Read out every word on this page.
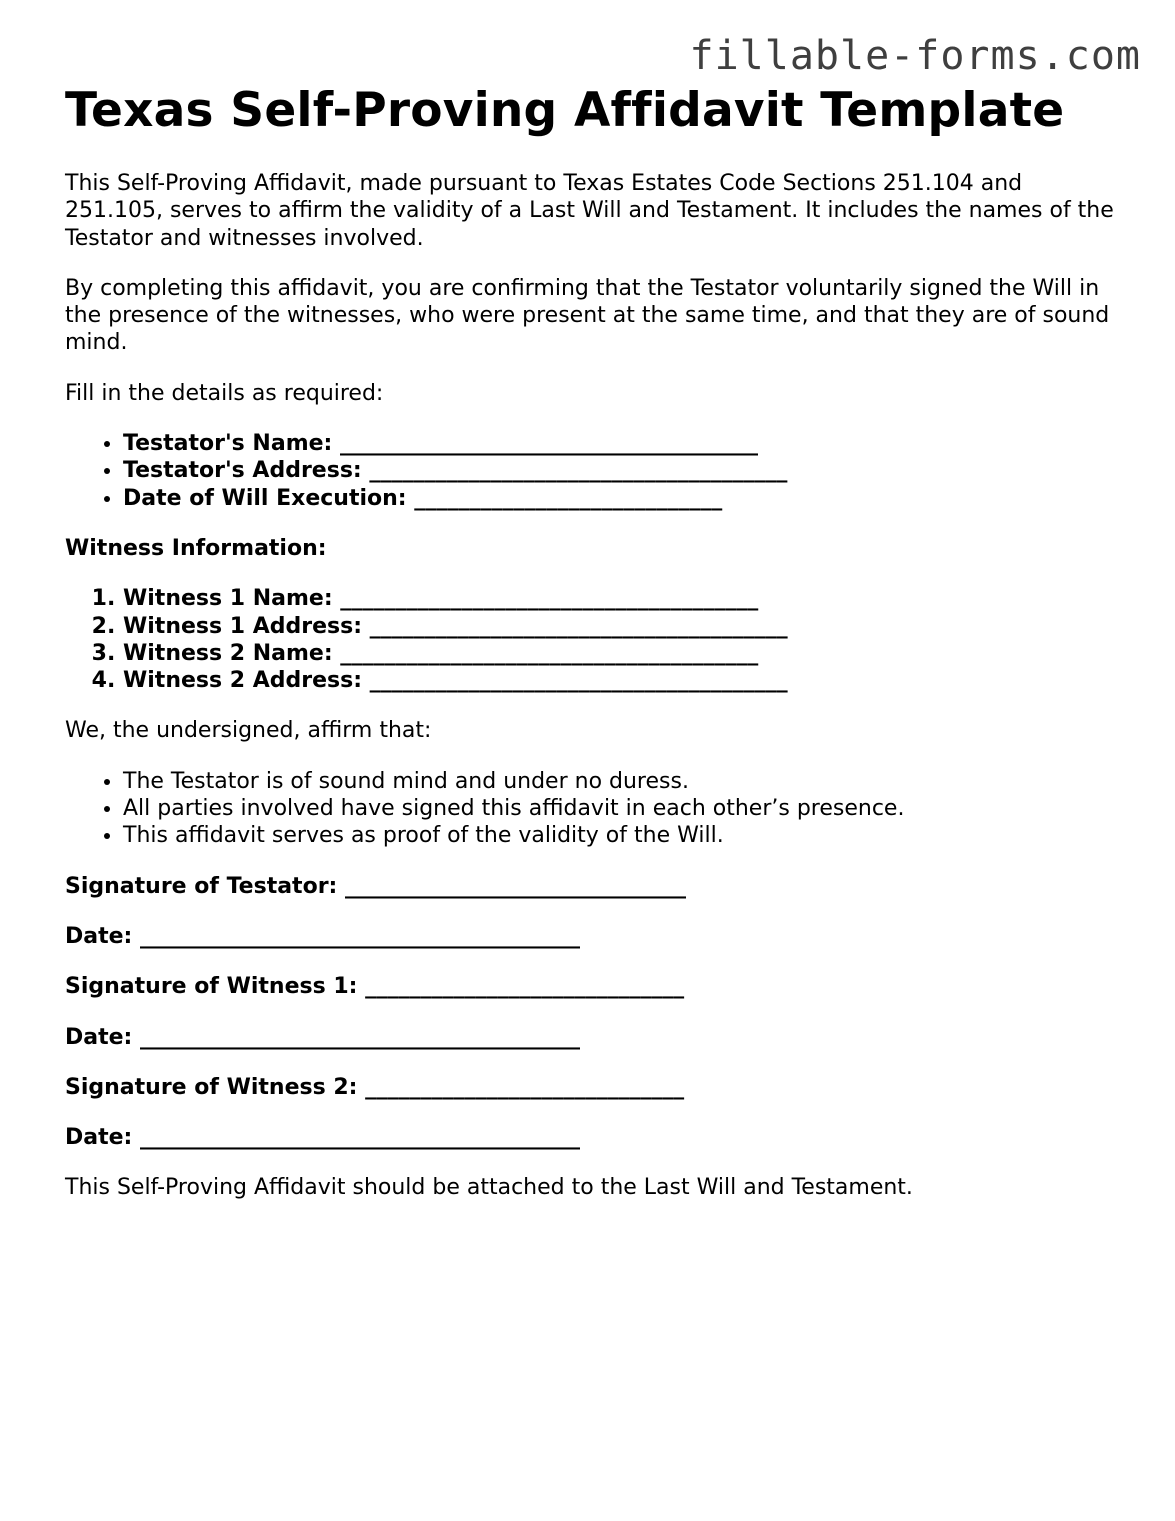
fillable-forms.com
Texas Self-Proving Affidavit Template

This Self-Proving Affidavit, made pursuant to Texas Estates Code Sections 251.104 and 251.105, serves to affirm the validity of a Last Will and Testament. It includes the names of the Testator and witnesses involved.

By completing this affidavit, you are confirming that the Testator voluntarily signed the Will in the presence of the witnesses, who were present at the same time, and that they are of sound mind.

Fill in the details as required:

• Testator's Name: ______________________________________
• Testator's Address: ______________________________________
• Date of Will Execution: ____________________________

Witness Information:

1. Witness 1 Name: ______________________________________
2. Witness 1 Address: ______________________________________
3. Witness 2 Name: ______________________________________
4. Witness 2 Address: ______________________________________

We, the undersigned, affirm that:

• The Testator is of sound mind and under no duress.
• All parties involved have signed this affidavit in each other’s presence.
• This affidavit serves as proof of the validity of the Will.

Signature of Testator: _______________________________

Date: ________________________________________

Signature of Witness 1: _____________________________

Date: ________________________________________

Signature of Witness 2: _____________________________

Date: ________________________________________

This Self-Proving Affidavit should be attached to the Last Will and Testament.
